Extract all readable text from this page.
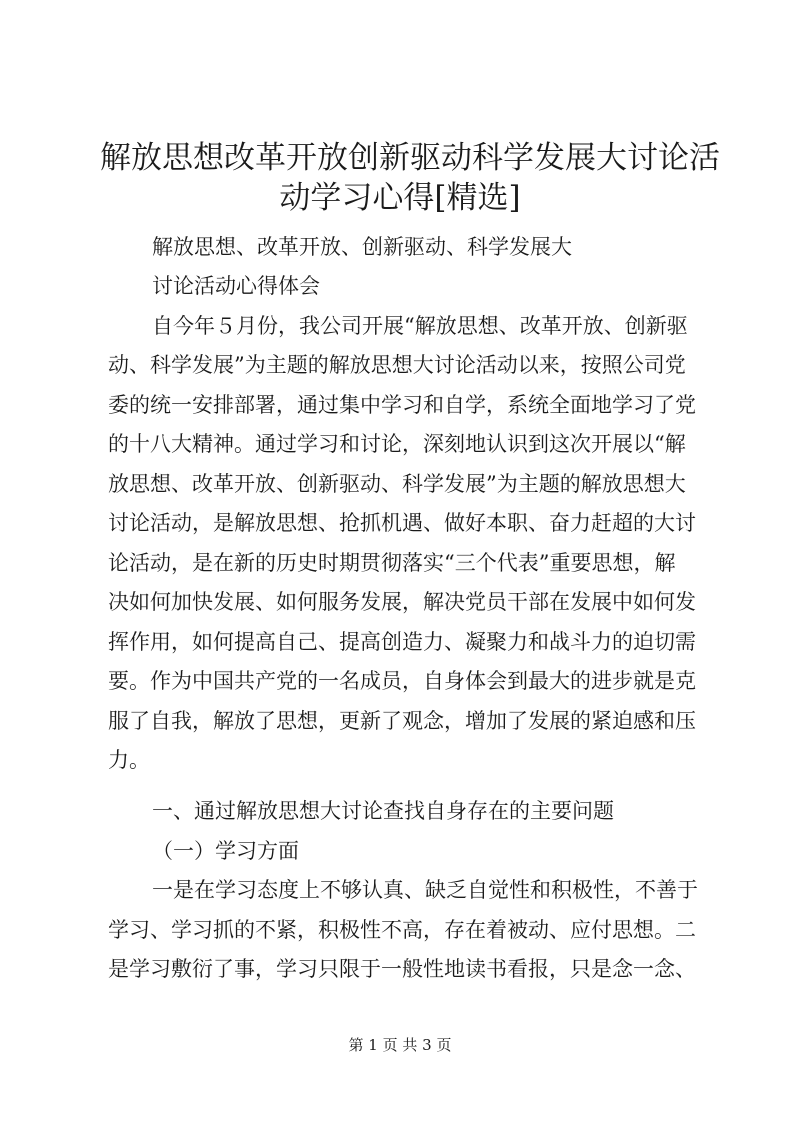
解放思想改革开放创新驱动科学发展大讨论活
动学习心得[精选]

解放思想、改革开放、创新驱动、科学发展大

讨论活动心得体会

自今年５月份，我公司开展“解放思想、改革开放、创新驱

动、科学发展”为主题的解放思想大讨论活动以来，按照公司党

委的统一安排部署，通过集中学习和自学，系统全面地学习了党

的十八大精神。通过学习和讨论，深刻地认识到这次开展以“解

放思想、改革开放、创新驱动、科学发展”为主题的解放思想大

讨论活动，是解放思想、抢抓机遇、做好本职、奋力赶超的大讨

论活动，是在新的历史时期贯彻落实“三个代表”重要思想，解

决如何加快发展、如何服务发展，解决党员干部在发展中如何发

挥作用，如何提高自己、提高创造力、凝聚力和战斗力的迫切需

要。作为中国共产党的一名成员，自身体会到最大的进步就是克

服了自我，解放了思想，更新了观念，增加了发展的紧迫感和压

力。

一、通过解放思想大讨论查找自身存在的主要问题

（一）学习方面

一是在学习态度上不够认真、缺乏自觉性和积极性，不善于

学习、学习抓的不紧，积极性不高，存在着被动、应付思想。二

是学习敷衍了事，学习只限于一般性地读书看报，只是念一念、

第 1 页 共 3 页
